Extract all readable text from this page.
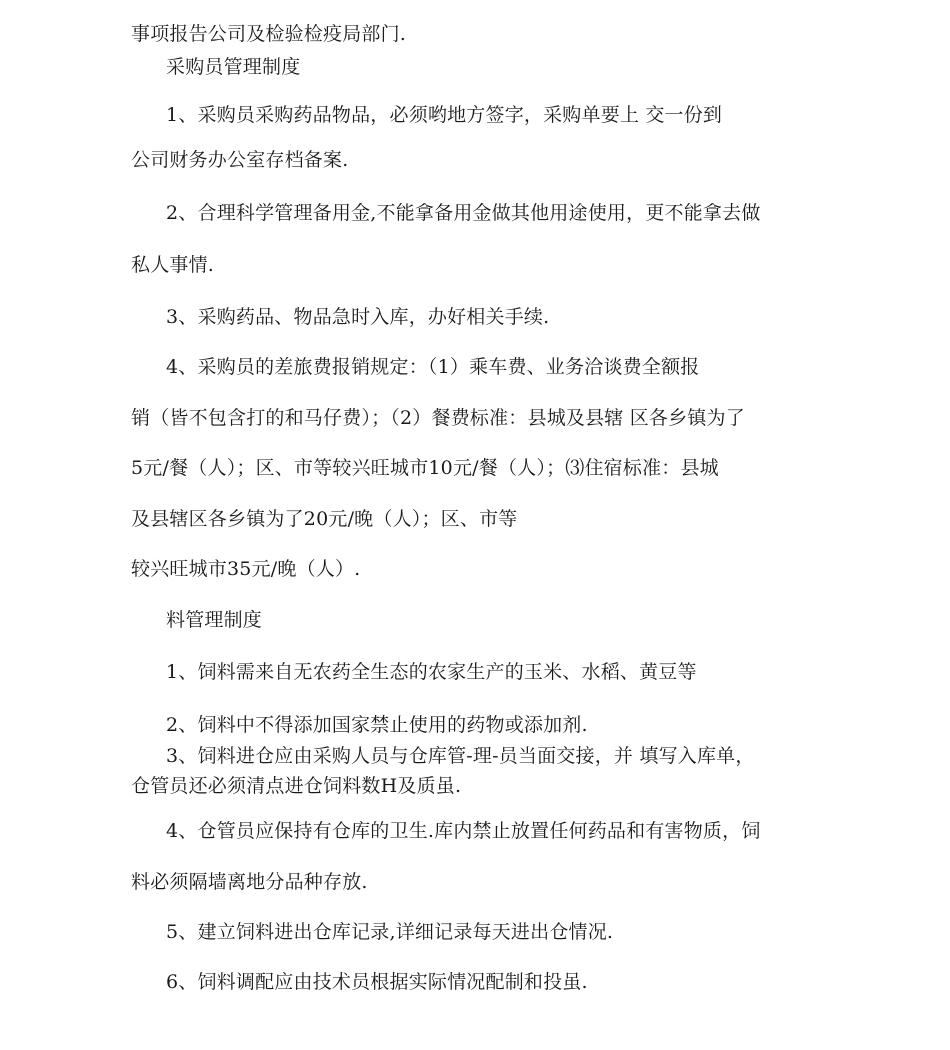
事项报告公司及检验检疫局部门.
采购员管理制度
1、采购员采购药品物品，必须哟地方签字，采购单要上 交一份到
公司财务办公室存档备案.
2、合理科学管理备用金,不能拿备用金做其他用途使用，更不能拿去做
私人事情.
3、采购药品、物品急时入库，办好相关手续.
4、采购员的差旅费报销规定：（1）乘车费、业务洽谈费全额报
销（皆不包含打的和马仔费）；（2）餐费标准：县城及县辖 区各乡镇为了
5元/餐（人）；区、市等较兴旺城市10元/餐（人）；⑶住宿标准：县城
及县辖区各乡镇为了20元/晚（人）；区、市等
较兴旺城市35元/晚（人）.
料管理制度
1、饲料需来自无农药全生态的农家生产的玉米、水稻、黄豆等
2、饲料中不得添加国家禁止使用的药物或添加剂.
3、饲料进仓应由采购人员与仓库管-理-员当面交接，并 填写入库单，
仓管员还必须清点进仓饲料数H及质虽.
4、仓管员应保持有仓库的卫生.库内禁止放置任何药品和有害物质，饲
料必须隔墙离地分品种存放.
5、建立饲料进出仓库记录,详细记录每天进出仓情况.
6、饲料调配应由技术员根据实际情况配制和投虽.
